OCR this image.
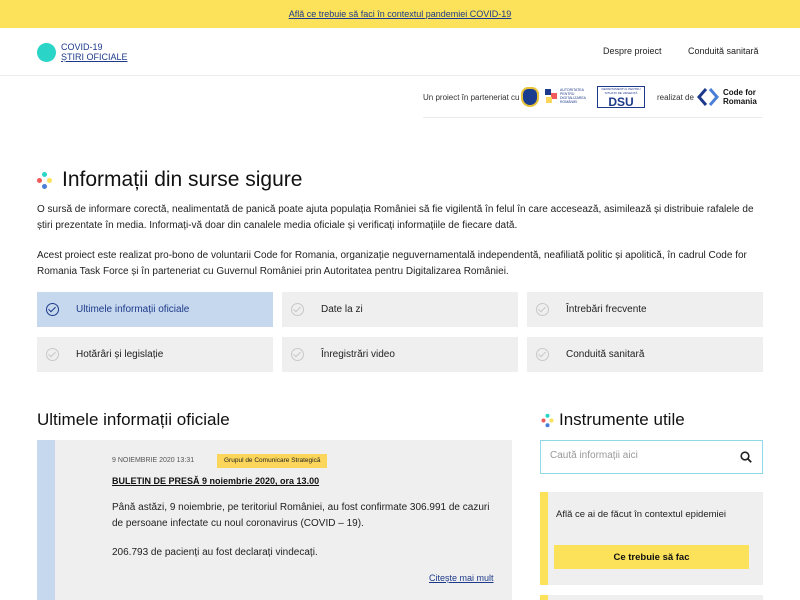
Află ce trebuie să faci în contextul pandemiei COVID-19
COVID-19
ȘTIRI OFICIALE
Despre proiect	Conduită sanitară
Un proiect în parteneriat cu
AUTORITATEA PENTRU DIGITALIZAREA ROMÂNIEI
DEPARTAMENTUL PENTRU SITUAȚII DE URGENȚĂ
DSU	realizat de
Code for
Romania
Informații din surse sigure

O sursă de informare corectă, nealimentată de panică poate ajuta populația României să fie vigilentă în felul în care accesează, asimilează și distribuie rafalele de știri prezentate în media. Informați-vă doar din canalele media oficiale și verificați informațiile de fiecare dată.

Acest proiect este realizat pro-bono de voluntarii Code for Romania, organizație neguvernamentală independentă, neafiliată politic și apolitică, în cadrul Code for Romania Task Force și în parteneriat cu Guvernul României prin Autoritatea pentru Digitalizarea României.

Ultimele informații oficiale	Date la zi	Întrebări frecvente
Hotărâri și legislație	Înregistrări video	Conduită sanitară
Ultimele informații oficiale
9 NOIEMBRIE 2020 13:31	Grupul de Comunicare Strategică
BULETIN DE PRESĂ 9 noiembrie 2020, ora 13.00

Până astăzi, 9 noiembrie, pe teritoriul României, au fost confirmate 306.991 de cazuri de persoane infectate cu noul coronavirus (COVID – 19).

206.793 de pacienți au fost declarați vindecați.

Citește mai mult
Instrumente utile
Caută informații aici
Află ce ai de făcut în contextul epidemiei
Ce trebuie să fac
